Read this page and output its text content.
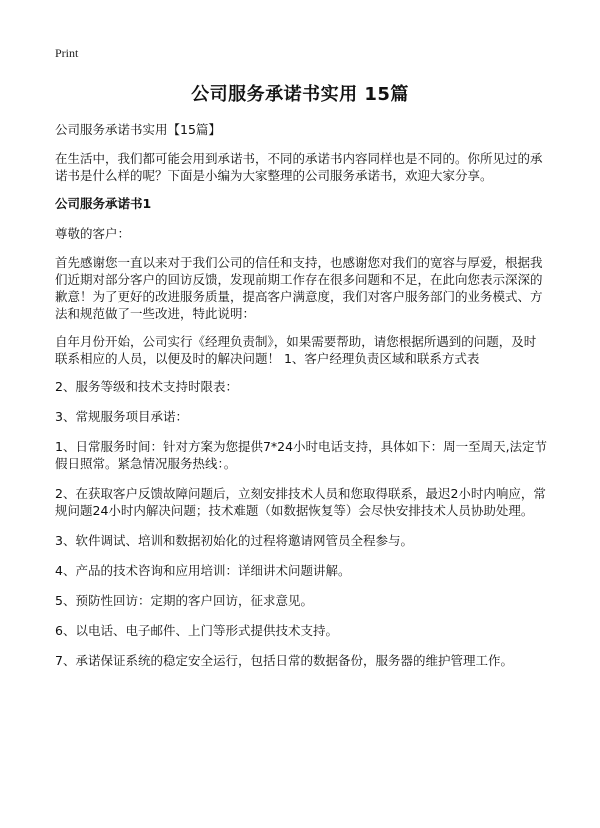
Print
公司服务承诺书实用 15篇

公司服务承诺书实用【15篇】

在生活中，我们都可能会用到承诺书，不同的承诺书内容同样也是不同的。你所见过的承诺书是什么样的呢？下面是小编为大家整理的公司服务承诺书，欢迎大家分享。

公司服务承诺书1

尊敬的客户：

首先感谢您一直以来对于我们公司的信任和支持，也感谢您对我们的宽容与厚爱，根据我们近期对部分客户的回访反馈，发现前期工作存在很多问题和不足，在此向您表示深深的歉意！为了更好的改进服务质量，提高客户满意度，我们对客户服务部门的业务模式、方法和规范做了一些改进，特此说明：

自年月份开始，公司实行《经理负责制》，如果需要帮助，请您根据所遇到的问题，及时联系相应的人员，以便及时的解决问题！ 1、客户经理负责区域和联系方式表

2、服务等级和技术支持时限表：

3、常规服务项目承诺：

1、日常服务时间：针对方案为您提供7*24小时电话支持，具体如下：周一至周天,法定节假日照常。紧急情况服务热线：。

2、在获取客户反馈故障问题后，立刻安排技术人员和您取得联系，最迟2小时内响应，常规问题24小时内解决问题；技术难题（如数据恢复等）会尽快安排技术人员协助处理。

3、软件调试、培训和数据初始化的过程将邀请网管员全程参与。

4、产品的技术咨询和应用培训：详细讲术问题讲解。

5、预防性回访：定期的客户回访，征求意见。

6、以电话、电子邮件、上门等形式提供技术支持。

7、承诺保证系统的稳定安全运行，包括日常的数据备份，服务器的维护管理工作。
